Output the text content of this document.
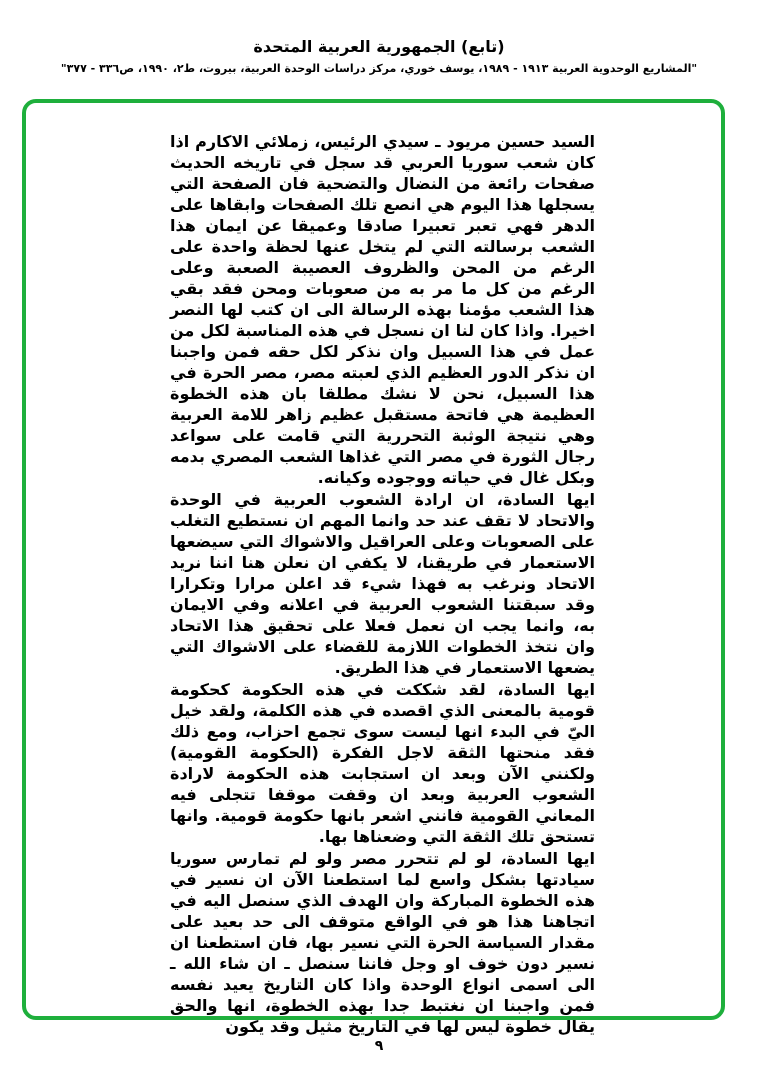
(تابع) الجمهورية العربية المتحدة
"المشاريع الوحدوية العربية ١٩١٣ - ١٩٨٩، يوسف خوري، مركز دراسات الوحدة العربية، بيروت، ط٢، ١٩٩٠، ص٣٣٦ - ٣٧٧"

السيد حسين مريود ـ سيدي الرئيس، زملائي الاكارم اذا كان شعب سوريا العربي قد سجل في تاريخه الحديث صفحات رائعة من النضال والتضحية فان الصفحة التي يسجلها هذا اليوم هي انصع تلك الصفحات وابقاها على الدهر فهي تعبر تعبيرا صادقا وعميقا عن ايمان هذا الشعب برسالته التي لم يتخل عنها لحظة واحدة على الرغم من المحن والظروف العصيبة الصعبة وعلى الرغم من كل ما مر به من صعوبات ومحن فقد بقي هذا الشعب مؤمنا بهذه الرسالة الى ان كتب لها النصر اخيرا. واذا كان لنا ان نسجل في هذه المناسبة لكل من عمل في هذا السبيل وان نذكر لكل حقه فمن واجبنا ان نذكر الدور العظيم الذي لعبته مصر، مصر الحرة في هذا السبيل، نحن لا نشك مطلقا بان هذه الخطوة العظيمة هي فاتحة مستقبل عظيم زاهر للامة العربية وهي نتيجة الوثبة التحررية التي قامت على سواعد رجال الثورة في مصر التي غذاها الشعب المصري بدمه وبكل غال في حياته ووجوده وكيانه.

ايها السادة، ان ارادة الشعوب العربية في الوحدة والاتحاد لا تقف عند حد وانما المهم ان نستطيع التغلب على الصعوبات وعلى العراقيل والاشواك التي سيضعها الاستعمار في طريقنا، لا يكفي ان نعلن هنا اننا نريد الاتحاد ونرغب به فهذا شيء قد اعلن مرارا وتكرارا وقد سبقتنا الشعوب العربية في اعلانه وفي الايمان به، وانما يجب ان نعمل فعلا على تحقيق هذا الاتحاد وان نتخذ الخطوات اللازمة للقضاء على الاشواك التي يضعها الاستعمار في هذا الطريق.

ايها السادة، لقد شككت في هذه الحكومة كحكومة قومية بالمعنى الذي اقصده في هذه الكلمة، ولقد خيل اليّ في البدء انها ليست سوى تجمع احزاب، ومع ذلك فقد منحتها الثقة لاجل الفكرة (الحكومة القومية) ولكنني الآن وبعد ان استجابت هذه الحكومة لارادة الشعوب العربية وبعد ان وقفت موقفا تتجلى فيه المعاني القومية فانني اشعر بانها حكومة قومية. وانها تستحق تلك الثقة التي وضعناها بها.

ايها السادة، لو لم تتحرر مصر ولو لم تمارس سوريا سيادتها بشكل واسع لما استطعنا الآن ان نسير في هذه الخطوة المباركة وان الهدف الذي سنصل اليه في اتجاهنا هذا هو في الواقع متوقف الى حد بعيد على مقدار السياسة الحرة التي نسير بها، فان استطعنا ان نسير دون خوف او وجل فاننا سنصل ـ ان شاء الله ـ الى اسمى انواع الوحدة واذا كان التاريخ يعيد نفسه فمن واجبنا ان نغتبط جدا بهذه الخطوة، انها والحق يقال خطوة ليس لها في التاريخ مثيل وقد يكون

٩
